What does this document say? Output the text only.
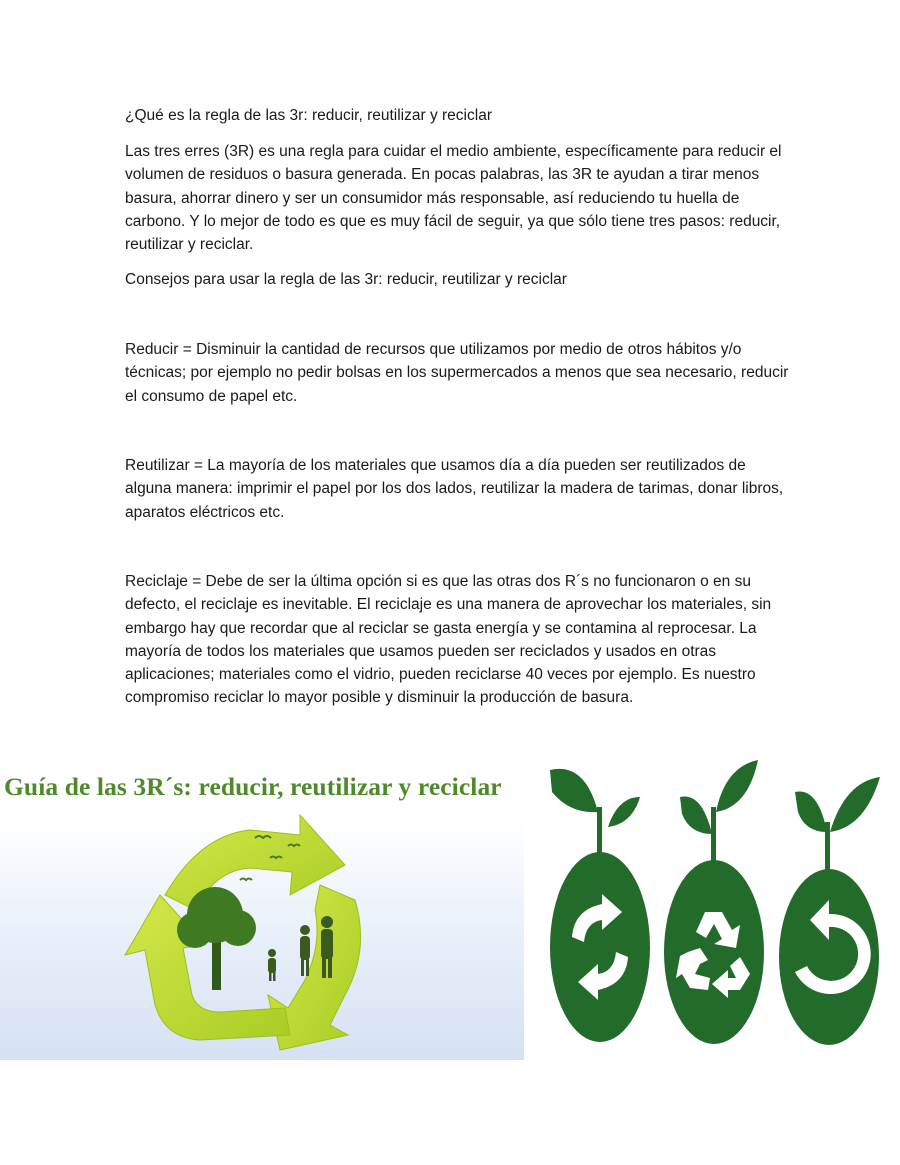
¿Qué es la regla de las 3r: reducir, reutilizar y reciclar

Las tres erres (3R) es una regla para cuidar el medio ambiente, específicamente para reducir el volumen de residuos o basura generada. En pocas palabras, las 3R te ayudan a tirar menos basura, ahorrar dinero y ser un consumidor más responsable, así reduciendo tu huella de carbono. Y lo mejor de todo es que es muy fácil de seguir, ya que sólo tiene tres pasos: reducir, reutilizar y reciclar.

Consejos para usar la regla de las 3r: reducir, reutilizar y reciclar

Reducir = Disminuir la cantidad de recursos que utilizamos por medio de otros hábitos y/o técnicas; por ejemplo no pedir bolsas en los supermercados a menos que sea necesario, reducir el consumo de papel etc.

Reutilizar = La mayoría de los materiales que usamos día a día pueden ser reutilizados de alguna manera: imprimir el papel por los dos lados, reutilizar la madera de tarimas, donar libros, aparatos eléctricos etc.

Reciclaje = Debe de ser la última opción si es que las otras dos R´s no funcionaron o en su defecto, el reciclaje es inevitable. El reciclaje es una manera de aprovechar los materiales, sin embargo hay que recordar que al reciclar se gasta energía y se contamina al reprocesar. La mayoría de todos los materiales que usamos pueden ser reciclados y usados en otras aplicaciones; materiales como el vidrio, pueden reciclarse 40 veces por ejemplo. Es nuestro compromiso reciclar lo mayor posible y disminuir la producción de basura.

Guía de las 3R´s: reducir, reutilizar y reciclar
